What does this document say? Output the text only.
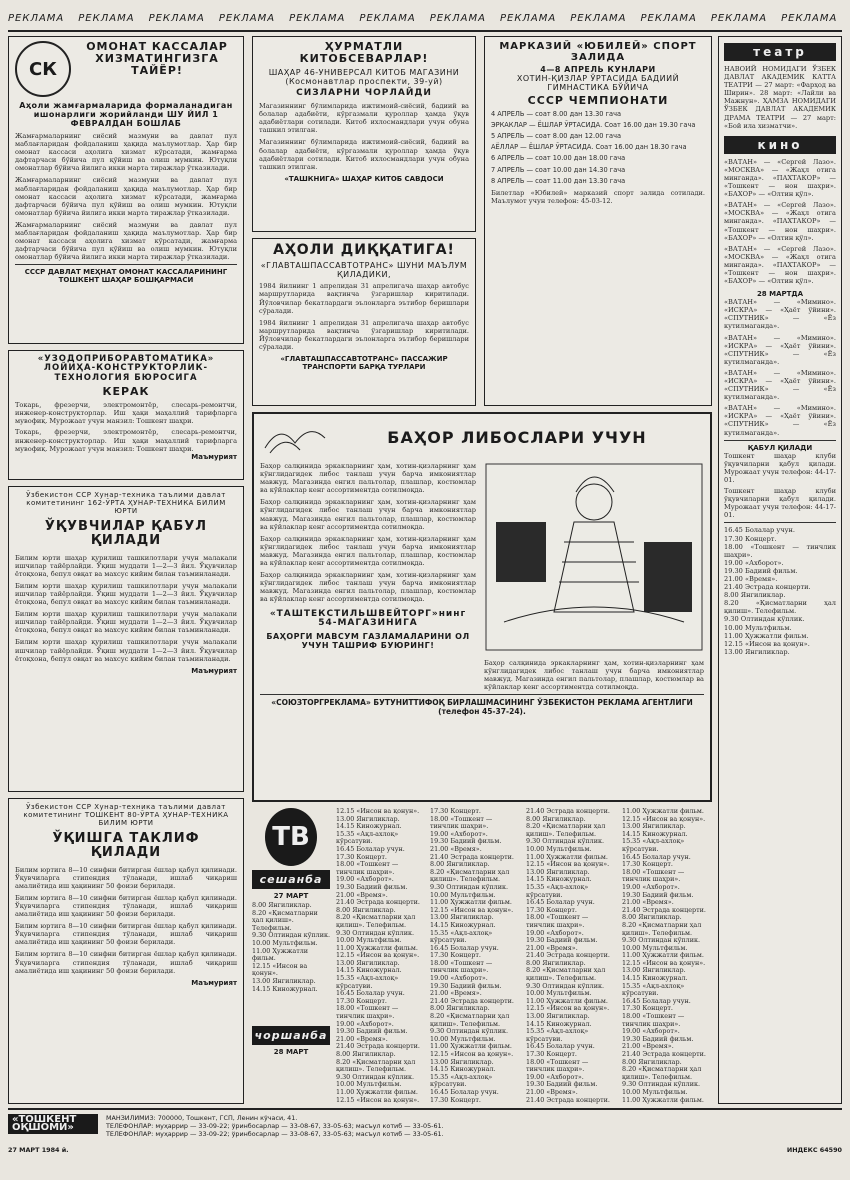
РЕКЛАМА РЕКЛАМА РЕКЛАМА РЕКЛАМА РЕКЛАМА РЕКЛАМА РЕКЛАМА РЕКЛАМА РЕКЛАМА РЕКЛАМА РЕКЛАМА РЕКЛАМА
СК
ОМОНАТ КАССАЛАР ХИЗМАТИНГИЗГА ТАЙЁР!
Аҳоли жамғармаларида формаланадиган ишонарлиги жорийланди ШУ ЙИЛ 1 ФЕВРАЛДАН БОШЛАБ
Жамғармаларнинг сиёсий мазмуни ва давлат пул маблағларидан фойдаланиш ҳақида маълумотлар. Ҳар бир омонат кассаси аҳолига хизмат кўрсатади, жамғарма дафтарчаси бўйича пул қўйиш ва олиш мумкин. Ютуқли омонатлар бўйича йилига икки марта тиражлар ўтказилади.
Жамғармаларнинг сиёсий мазмуни ва давлат пул маблағларидан фойдаланиш ҳақида маълумотлар. Ҳар бир омонат кассаси аҳолига хизмат кўрсатади, жамғарма дафтарчаси бўйича пул қўйиш ва олиш мумкин. Ютуқли омонатлар бўйича йилига икки марта тиражлар ўтказилади.
Жамғармаларнинг сиёсий мазмуни ва давлат пул маблағларидан фойдаланиш ҳақида маълумотлар. Ҳар бир омонат кассаси аҳолига хизмат кўрсатади, жамғарма дафтарчаси бўйича пул қўйиш ва олиш мумкин. Ютуқли омонатлар бўйича йилига икки марта тиражлар ўтказилади.
СССР ДАВЛАТ МЕҲНАТ ОМОНАТ КАССАЛАРИНИНГ ТОШКЕНТ ШАҲАР БОШҚАРМАСИ
«УЗОДОПРИБОРАВТОМАТИКА» ЛОЙИҲА-КОНСТРУКТОРЛИК-ТЕХНОЛОГИЯ БЮРОСИГА
КЕРАК
Токарь, фрезерчи, электромонтёр, слесарь-ремонтчи, инженер-конструкторлар. Иш ҳақи маҳаллий тарифларга мувофиқ. Мурожаат учун манзил: Тошкент шаҳри.
Токарь, фрезерчи, электромонтёр, слесарь-ремонтчи, инженер-конструкторлар. Иш ҳақи маҳаллий тарифларга мувофиқ. Мурожаат учун манзил: Тошкент шаҳри.
Маъмурият
Ўзбекистон ССР Хунар-техника таълими давлат комитетининг 162-ЎРТА ҲУНАР-ТЕХНИКА БИЛИМ ЮРТИ
ЎҚУВЧИЛАР ҚАБУЛ ҚИЛАДИ
Билим юрти шаҳар қурилиш ташкилотлари учун малакали ишчилар тайёрлайди. Ўқиш муддати 1—2—3 йил. Ўқувчилар ётоқхона, бепул овқат ва махсус кийим билан таъминланади.
Билим юрти шаҳар қурилиш ташкилотлари учун малакали ишчилар тайёрлайди. Ўқиш муддати 1—2—3 йил. Ўқувчилар ётоқхона, бепул овқат ва махсус кийим билан таъминланади.
Билим юрти шаҳар қурилиш ташкилотлари учун малакали ишчилар тайёрлайди. Ўқиш муддати 1—2—3 йил. Ўқувчилар ётоқхона, бепул овқат ва махсус кийим билан таъминланади.
Билим юрти шаҳар қурилиш ташкилотлари учун малакали ишчилар тайёрлайди. Ўқиш муддати 1—2—3 йил. Ўқувчилар ётоқхона, бепул овқат ва махсус кийим билан таъминланади.
Маъмурият
Ўзбекистон ССР Хунар-техника таълими давлат комитетининг ТОШКЕНТ 80-ЎРТА ҲУНАР-ТЕХНИКА БИЛИМ ЮРТИ
ЎҚИШГА ТАКЛИФ ҚИЛАДИ
Билим юртига 8—10 синфни битирган ёшлар қабул қилинади. Ўқувчиларга стипендия тўланади, ишлаб чиқариш амалиётида иш ҳақининг 50 фоизи берилади.
Билим юртига 8—10 синфни битирган ёшлар қабул қилинади. Ўқувчиларга стипендия тўланади, ишлаб чиқариш амалиётида иш ҳақининг 50 фоизи берилади.
Билим юртига 8—10 синфни битирган ёшлар қабул қилинади. Ўқувчиларга стипендия тўланади, ишлаб чиқариш амалиётида иш ҳақининг 50 фоизи берилади.
Билим юртига 8—10 синфни битирган ёшлар қабул қилинади. Ўқувчиларга стипендия тўланади, ишлаб чиқариш амалиётида иш ҳақининг 50 фоизи берилади.
Маъмурият
ҲУРМАТЛИ КИТОБСЕВАРЛАР!
ШАҲАР 46-УНИВЕРСАЛ КИТОБ МАГАЗИНИ (Космонавтлар проспекти, 39-уй)
СИЗЛАРНИ ЧОРЛАЙДИ
Магазиннинг бўлимларида ижтимоий-сиёсий, бадиий ва болалар адабиёти, кўргазмали қуроллар ҳамда ўқув адабиётлари сотилади. Китоб ихлосмандлари учун обуна ташкил этилган.
Магазиннинг бўлимларида ижтимоий-сиёсий, бадиий ва болалар адабиёти, кўргазмали қуроллар ҳамда ўқув адабиётлари сотилади. Китоб ихлосмандлари учун обуна ташкил этилган.
«ТАШКНИГА» ШАҲАР КИТОБ САВДОСИ
АҲОЛИ ДИҚҚАТИГА!
«ГЛАВТАШПАССАВТОТРАНС» ШУНИ МАЪЛУМ ҚИЛАДИКИ,
1984 йилнинг 1 апрелидан 31 апрелигача шаҳар автобус маршрутларида вақтинча ўзгаришлар киритилади. Йўловчилар бекатлардаги эълонларга эътибор беришлари сўралади.
1984 йилнинг 1 апрелидан 31 апрелигача шаҳар автобус маршрутларида вақтинча ўзгаришлар киритилади. Йўловчилар бекатлардаги эълонларга эътибор беришлари сўралади.
«ГЛАВТАШПАССАВТОТРАНС» ПАССАЖИР ТРАНСПОРТИ БАРҚА ТУРЛАРИ
МАРКАЗИЙ «ЮБИЛЕЙ» СПОРТ ЗАЛИДА
4—8 АПРЕЛЬ КУНЛАРИ
ХОТИН-ҚИЗЛАР ЎРТАСИДА БАДИИЙ ГИМНАСТИКА БЎЙИЧА
СССР ЧЕМПИОНАТИ
4 АПРЕЛЬ — соат 8.00 дан 13.30 гача
ЭРКАКЛАР — ЁШЛАР ЎРТАСИДА. Соат 16.00 дан 19.30 гача
5 АПРЕЛЬ — соат 8.00 дан 12.00 гача
АЁЛЛАР — ЁШЛАР ЎРТАСИДА. Соат 16.00 дан 18.30 гача
6 АПРЕЛЬ — соат 10.00 дан 18.00 гача
7 АПРЕЛЬ — соат 10.00 дан 14.30 гача
8 АПРЕЛЬ — соат 11.00 дан 13.30 гача
Билетлар «Юбилей» марказий спорт залида сотилади. Маълумот учун телефон: 45-03-12.
театр
НАВОИЙ НОМИДАГИ ЎЗБЕК ДАВЛАТ АКАДЕМИК КАТТА ТЕАТРИ — 27 март: «Фарҳод ва Ширин». 28 март: «Лайли ва Мажнун». ҲАМЗА НОМИДАГИ ЎЗБЕК ДАВЛАТ АКАДЕМИК ДРАМА ТЕАТРИ — 27 март: «Бой ила хизматчи».
кино
«ВАТАН» — «Сергей Лазо». «МОСКВА» — «Жаҳл отига минганда». «ПАХТАКОР» — «Тошкент — нон шаҳри». «БАХОР» — «Олтин қўл».
«ВАТАН» — «Сергей Лазо». «МОСКВА» — «Жаҳл отига минганда». «ПАХТАКОР» — «Тошкент — нон шаҳри». «БАХОР» — «Олтин қўл».
«ВАТАН» — «Сергей Лазо». «МОСКВА» — «Жаҳл отига минганда». «ПАХТАКОР» — «Тошкент — нон шаҳри». «БАХОР» — «Олтин қўл».
28 МАРТДА
«ВАТАН» — «Мимино». «ИСКРА» — «Ҳаёт ўйини». «СПУТНИК» — «Ёз кутилмаганда».
«ВАТАН» — «Мимино». «ИСКРА» — «Ҳаёт ўйини». «СПУТНИК» — «Ёз кутилмаганда».
«ВАТАН» — «Мимино». «ИСКРА» — «Ҳаёт ўйини». «СПУТНИК» — «Ёз кутилмаганда».
«ВАТАН» — «Мимино». «ИСКРА» — «Ҳаёт ўйини». «СПУТНИК» — «Ёз кутилмаганда».
ҚАБУЛ ҚИЛАДИ
Тошкент шаҳар клуби ўқувчиларни қабул қилади. Мурожаат учун телефон: 44-17-01.
Тошкент шаҳар клуби ўқувчиларни қабул қилади. Мурожаат учун телефон: 44-17-01.
16.45 Болалар учун.
17.30 Концерт.
18.00 «Тошкент — тинчлик шаҳри».
19.00 «Ахборот».
19.30 Бадиий фильм.
21.00 «Время».
21.40 Эстрада концерти.
8.00 Янгиликлар.
8.20 «Қисматларни ҳал қилиш». Телефильм.
9.30 Олтиндан кўплик.
10.00 Мультфильм.
11.00 Ҳужжатли фильм.
12.15 «Инсон ва қонун».
13.00 Янгиликлар.
БАҲОР ЛИБОСЛАРИ УЧУН
Баҳор салқинида эркакларнинг ҳам, хотин-қизларнинг ҳам кўнглидагидек либос танлаш учун барча имкониятлар мавжуд. Магазинда енгил пальтолар, плашлар, костюмлар ва кўйлаклар кенг ассортиментда сотилмоқда.
Баҳор салқинида эркакларнинг ҳам, хотин-қизларнинг ҳам кўнглидагидек либос танлаш учун барча имкониятлар мавжуд. Магазинда енгил пальтолар, плашлар, костюмлар ва кўйлаклар кенг ассортиментда сотилмоқда.
Баҳор салқинида эркакларнинг ҳам, хотин-қизларнинг ҳам кўнглидагидек либос танлаш учун барча имкониятлар мавжуд. Магазинда енгил пальтолар, плашлар, костюмлар ва кўйлаклар кенг ассортиментда сотилмоқда.
Баҳор салқинида эркакларнинг ҳам, хотин-қизларнинг ҳам кўнглидагидек либос танлаш учун барча имкониятлар мавжуд. Магазинда енгил пальтолар, плашлар, костюмлар ва кўйлаклар кенг ассортиментда сотилмоқда.
«ТАШТЕКСТИЛЬШВЕЙТОРГ»нинг 54-МАГАЗИНИГА
БАҲОРГИ МАВСУМ ГАЗЛАМАЛАРИНИ ОЛ УЧУН ТАШРИФ БУЮРИНГ!
Баҳор салқинида эркакларнинг ҳам, хотин-қизларнинг ҳам кўнглидагидек либос танлаш учун барча имкониятлар мавжуд. Магазинда енгил пальтолар, плашлар, костюмлар ва кўйлаклар кенг ассортиментда сотилмоқда.
«СОЮЗТОРГРЕКЛАМА» БУТУНИТТИФОҚ БИРЛАШМАСИНИНГ ЎЗБЕКИСТОН РЕКЛАМА АГЕНТЛИГИ (телефон 45-37-24).
ТВ
сешанба
27 МАРТ
8.00 Янгиликлар.
8.20 «Қисматларни ҳал қилиш». Телефильм.
9.30 Олтиндан кўплик.
10.00 Мультфильм.
11.00 Ҳужжатли фильм.
12.15 «Инсон ва қонун».
13.00 Янгиликлар.
14.15 Киножурнал.
чоршанба
28 МАРТ
12.15 «Инсон ва қонун».
13.00 Янгиликлар.
14.15 Киножурнал.
15.35 «Ақл-ахлоқ» кўрсатуви.
16.45 Болалар учун.
17.30 Концерт.
18.00 «Тошкент — тинчлик шаҳри».
19.00 «Ахборот».
19.30 Бадиий фильм.
21.00 «Время».
21.40 Эстрада концерти.
8.00 Янгиликлар.
8.20 «Қисматларни ҳал қилиш». Телефильм.
9.30 Олтиндан кўплик.
10.00 Мультфильм.
11.00 Ҳужжатли фильм.
12.15 «Инсон ва қонун».
13.00 Янгиликлар.
14.15 Киножурнал.
15.35 «Ақл-ахлоқ» кўрсатуви.
16.45 Болалар учун.
17.30 Концерт.
18.00 «Тошкент — тинчлик шаҳри».
19.00 «Ахборот».
19.30 Бадиий фильм.
21.00 «Время».
21.40 Эстрада концерти.
8.00 Янгиликлар.
8.20 «Қисматларни ҳал қилиш». Телефильм.
9.30 Олтиндан кўплик.
10.00 Мультфильм.
11.00 Ҳужжатли фильм.
12.15 «Инсон ва қонун».
17.30 Концерт.
18.00 «Тошкент — тинчлик шаҳри».
19.00 «Ахборот».
19.30 Бадиий фильм.
21.00 «Время».
21.40 Эстрада концерти.
8.00 Янгиликлар.
8.20 «Қисматларни ҳал қилиш». Телефильм.
9.30 Олтиндан кўплик.
10.00 Мультфильм.
11.00 Ҳужжатли фильм.
12.15 «Инсон ва қонун».
13.00 Янгиликлар.
14.15 Киножурнал.
15.35 «Ақл-ахлоқ» кўрсатуви.
16.45 Болалар учун.
17.30 Концерт.
18.00 «Тошкент — тинчлик шаҳри».
19.00 «Ахборот».
19.30 Бадиий фильм.
21.00 «Время».
21.40 Эстрада концерти.
8.00 Янгиликлар.
8.20 «Қисматларни ҳал қилиш». Телефильм.
9.30 Олтиндан кўплик.
10.00 Мультфильм.
11.00 Ҳужжатли фильм.
12.15 «Инсон ва қонун».
13.00 Янгиликлар.
14.15 Киножурнал.
15.35 «Ақл-ахлоқ» кўрсатуви.
16.45 Болалар учун.
17.30 Концерт.
21.40 Эстрада концерти.
8.00 Янгиликлар.
8.20 «Қисматларни ҳал қилиш». Телефильм.
9.30 Олтиндан кўплик.
10.00 Мультфильм.
11.00 Ҳужжатли фильм.
12.15 «Инсон ва қонун».
13.00 Янгиликлар.
14.15 Киножурнал.
15.35 «Ақл-ахлоқ» кўрсатуви.
16.45 Болалар учун.
17.30 Концерт.
18.00 «Тошкент — тинчлик шаҳри».
19.00 «Ахборот».
19.30 Бадиий фильм.
21.00 «Время».
21.40 Эстрада концерти.
8.00 Янгиликлар.
8.20 «Қисматларни ҳал қилиш». Телефильм.
9.30 Олтиндан кўплик.
10.00 Мультфильм.
11.00 Ҳужжатли фильм.
12.15 «Инсон ва қонун».
13.00 Янгиликлар.
14.15 Киножурнал.
15.35 «Ақл-ахлоқ» кўрсатуви.
16.45 Болалар учун.
17.30 Концерт.
18.00 «Тошкент — тинчлик шаҳри».
19.00 «Ахборот».
19.30 Бадиий фильм.
21.00 «Время».
21.40 Эстрада концерти.
11.00 Ҳужжатли фильм.
12.15 «Инсон ва қонун».
13.00 Янгиликлар.
14.15 Киножурнал.
15.35 «Ақл-ахлоқ» кўрсатуви.
16.45 Болалар учун.
17.30 Концерт.
18.00 «Тошкент — тинчлик шаҳри».
19.00 «Ахборот».
19.30 Бадиий фильм.
21.00 «Время».
21.40 Эстрада концерти.
8.00 Янгиликлар.
8.20 «Қисматларни ҳал қилиш». Телефильм.
9.30 Олтиндан кўплик.
10.00 Мультфильм.
11.00 Ҳужжатли фильм.
12.15 «Инсон ва қонун».
13.00 Янгиликлар.
14.15 Киножурнал.
15.35 «Ақл-ахлоқ» кўрсатуви.
16.45 Болалар учун.
17.30 Концерт.
18.00 «Тошкент — тинчлик шаҳри».
19.00 «Ахборот».
19.30 Бадиий фильм.
21.00 «Время».
21.40 Эстрада концерти.
8.00 Янгиликлар.
8.20 «Қисматларни ҳал қилиш». Телефильм.
9.30 Олтиндан кўплик.
10.00 Мультфильм.
11.00 Ҳужжатли фильм.
«ТОШКЕНТ ОҚШОМИ»
МАНЗИЛИМИЗ: 700000, Тошкент, ГСП, Ленин кўчаси, 41.
ТЕЛЕФОНЛАР: муҳаррир — 33-09-22; ўринбосарлар — 33-08-67, 33-05-63; масъул котиб — 33-05-61.
ТЕЛЕФОНЛАР: муҳаррир — 33-09-22; ўринбосарлар — 33-08-67, 33-05-63; масъул котиб — 33-05-61.
27 МАРТ 1984 й.	ИНДЕКС 64590
